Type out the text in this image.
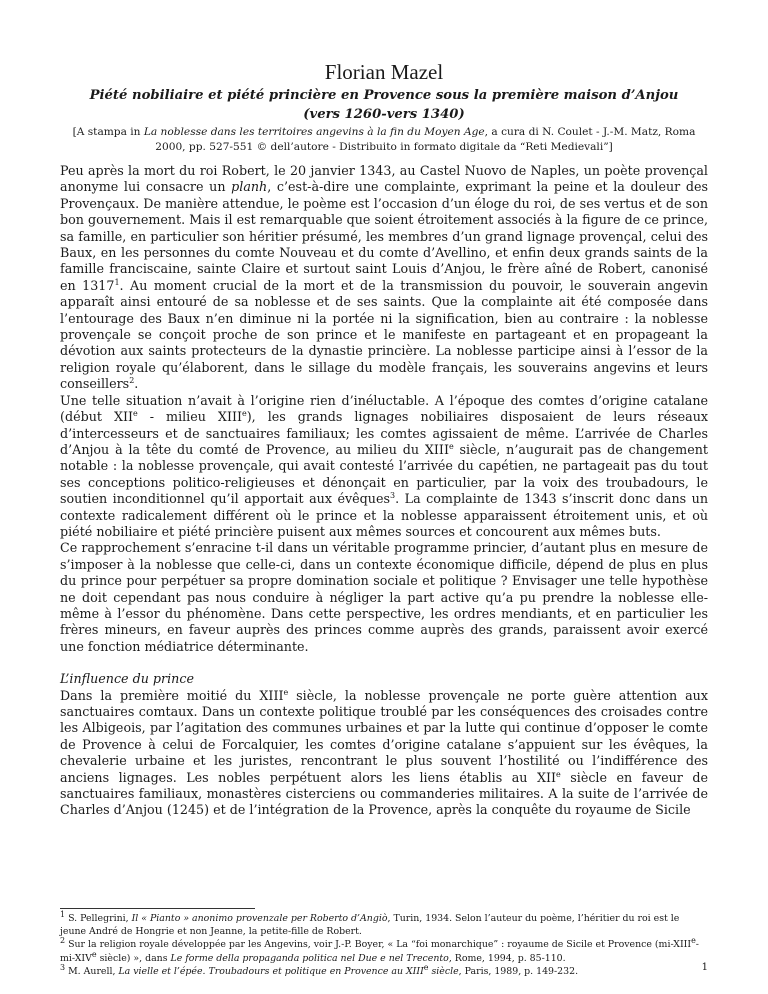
Florian Mazel

Piété nobiliaire et piété princière en Provence sous la première maison d’Anjou
(vers 1260-vers 1340)

[A stampa in La noblesse dans les territoires angevins à la fin du Moyen Age, a cura di N. Coulet - J.-M. Matz, Roma 2000, pp. 527-551 © dell’autore - Distribuito in formato digitale da “Reti Medievali”]

Peu après la mort du roi Robert, le 20 janvier 1343, au Castel Nuovo de Naples, un poète provençal anonyme lui consacre un planh, c’est-à-dire une complainte, exprimant la peine et la douleur des Provençaux. De manière attendue, le poème est l’occasion d’un éloge du roi, de ses vertus et de son bon gouvernement. Mais il est remarquable que soient étroitement associés à la figure de ce prince, sa famille, en particulier son héritier présumé, les membres d’un grand lignage provençal, celui des Baux, en les personnes du comte Nouveau et du comte d’Avellino, et enfin deux grands saints de la famille franciscaine, sainte Claire et surtout saint Louis d’Anjou, le frère aîné de Robert, canonisé en 1317$^1$. Au moment crucial de la mort et de la transmission du pouvoir, le souverain angevin apparaît ainsi entouré de sa noblesse et de ses saints. Que la complainte ait été composée dans l’entourage des Baux n’en diminue ni la portée ni la signification, bien au contraire : la noblesse provençale se conçoit proche de son prince et le manifeste en partageant et en propageant la dévotion aux saints protecteurs de la dynastie princière. La noblesse participe ainsi à l’essor de la religion royale qu’élaborent, dans le sillage du modèle français, les souverains angevins et leurs conseillers$^2$.

Une telle situation n’avait à l’origine rien d’inéluctable. A l’époque des comtes d’origine catalane (début XIIe - milieu XIIIe), les grands lignages nobiliaires disposaient de leurs réseaux d’intercesseurs et de sanctuaires familiaux; les comtes agissaient de même. L’arrivée de Charles d’Anjou à la tête du comté de Provence, au milieu du XIIIe siècle, n’augurait pas de changement notable : la noblesse provençale, qui avait contesté l’arrivée du capétien, ne partageait pas du tout ses conceptions politico-religieuses et dénonçait en particulier, par la voix des troubadours, le soutien inconditionnel qu’il apportait aux évêques$^3$. La complainte de 1343 s’inscrit donc dans un contexte radicalement différent où le prince et la noblesse apparaissent étroitement unis, et où piété nobiliaire et piété princière puisent aux mêmes sources et concourent aux mêmes buts.

Ce rapprochement s’enracine t-il dans un véritable programme princier, d’autant plus en mesure de s’imposer à la noblesse que celle-ci, dans un contexte économique difficile, dépend de plus en plus du prince pour perpétuer sa propre domination sociale et politique ? Envisager une telle hypothèse ne doit cependant pas nous conduire à négliger la part active qu’a pu prendre la noblesse elle-même à l’essor du phénomène. Dans cette perspective, les ordres mendiants, et en particulier les frères mineurs, en faveur auprès des princes comme auprès des grands, paraissent avoir exercé une fonction médiatrice déterminante.

L’influence du prince

Dans la première moitié du XIIIe siècle, la noblesse provençale ne porte guère attention aux sanctuaires comtaux. Dans un contexte politique troublé par les conséquences des croisades contre les Albigeois, par l’agitation des communes urbaines et par la lutte qui continue d’opposer le comte de Provence à celui de Forcalquier, les comtes d’origine catalane s’appuient sur les évêques, la chevalerie urbaine et les juristes, rencontrant le plus souvent l’hostilité ou l’indifférence des anciens lignages. Les nobles perpétuent alors les liens établis au XIIe siècle en faveur de sanctuaires familiaux, monastères cisterciens ou commanderies militaires. A la suite de l’arrivée de Charles d’Anjou (1245) et de l’intégration de la Provence, après la conquête du royaume de Sicile

$^1$ S. Pellegrini, Il « Pianto » anonimo provenzale per Roberto d’Angiò, Turin, 1934. Selon l’auteur du poème, l’héritier du roi est le jeune André de Hongrie et non Jeanne, la petite-fille de Robert.

$^2$ Sur la religion royale développée par les Angevins, voir J.-P. Boyer, « La “foi monarchique” : royaume de Sicile et Provence (mi-XIIIe-mi-XIVe siècle) », dans Le forme della propaganda politica nel Due e nel Trecento, Rome, 1994, p. 85-110.

$^3$ M. Aurell, La vielle et l’épée. Troubadours et politique en Provence au XIIIe siècle, Paris, 1989, p. 149-232.	1
